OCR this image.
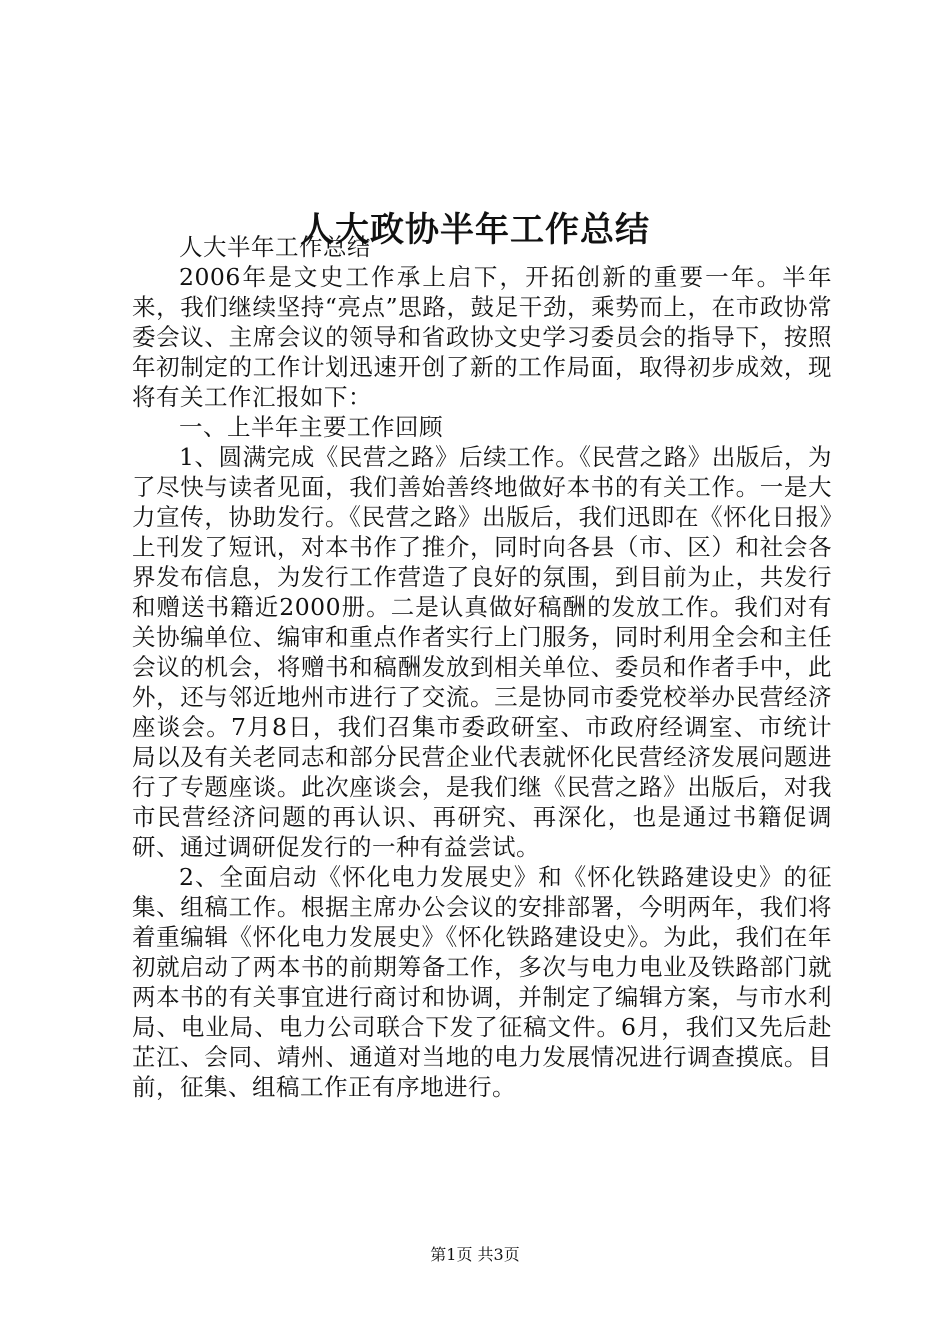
人大政协半年工作总结

人大半年工作总结

2006年是文史工作承上启下，开拓创新的重要一年。半年来，我们继续坚持“亮点”思路，鼓足干劲，乘势而上，在市政协常委会议、主席会议的领导和省政协文史学习委员会的指导下，按照年初制定的工作计划迅速开创了新的工作局面，取得初步成效，现将有关工作汇报如下：

一、上半年主要工作回顾

1、圆满完成《民营之路》后续工作。《民营之路》出版后，为了尽快与读者见面，我们善始善终地做好本书的有关工作。一是大力宣传，协助发行。《民营之路》出版后，我们迅即在《怀化日报》上刊发了短讯，对本书作了推介，同时向各县（市、区）和社会各界发布信息，为发行工作营造了良好的氛围，到目前为止，共发行和赠送书籍近2000册。二是认真做好稿酬的发放工作。我们对有关协编单位、编审和重点作者实行上门服务，同时利用全会和主任会议的机会，将赠书和稿酬发放到相关单位、委员和作者手中，此外，还与邻近地州市进行了交流。三是协同市委党校举办民营经济座谈会。7月8日，我们召集市委政研室、市政府经调室、市统计局以及有关老同志和部分民营企业代表就怀化民营经济发展问题进行了专题座谈。此次座谈会，是我们继《民营之路》出版后，对我市民营经济问题的再认识、再研究、再深化，也是通过书籍促调研、通过调研促发行的一种有益尝试。

2、全面启动《怀化电力发展史》和《怀化铁路建设史》的征集、组稿工作。根据主席办公会议的安排部署，今明两年，我们将着重编辑《怀化电力发展史》《怀化铁路建设史》。为此，我们在年初就启动了两本书的前期筹备工作，多次与电力电业及铁路部门就两本书的有关事宜进行商讨和协调，并制定了编辑方案，与市水利局、电业局、电力公司联合下发了征稿文件。6月，我们又先后赴芷江、会同、靖州、通道对当地的电力发展情况进行调查摸底。目前，征集、组稿工作正有序地进行。

第1页 共3页
